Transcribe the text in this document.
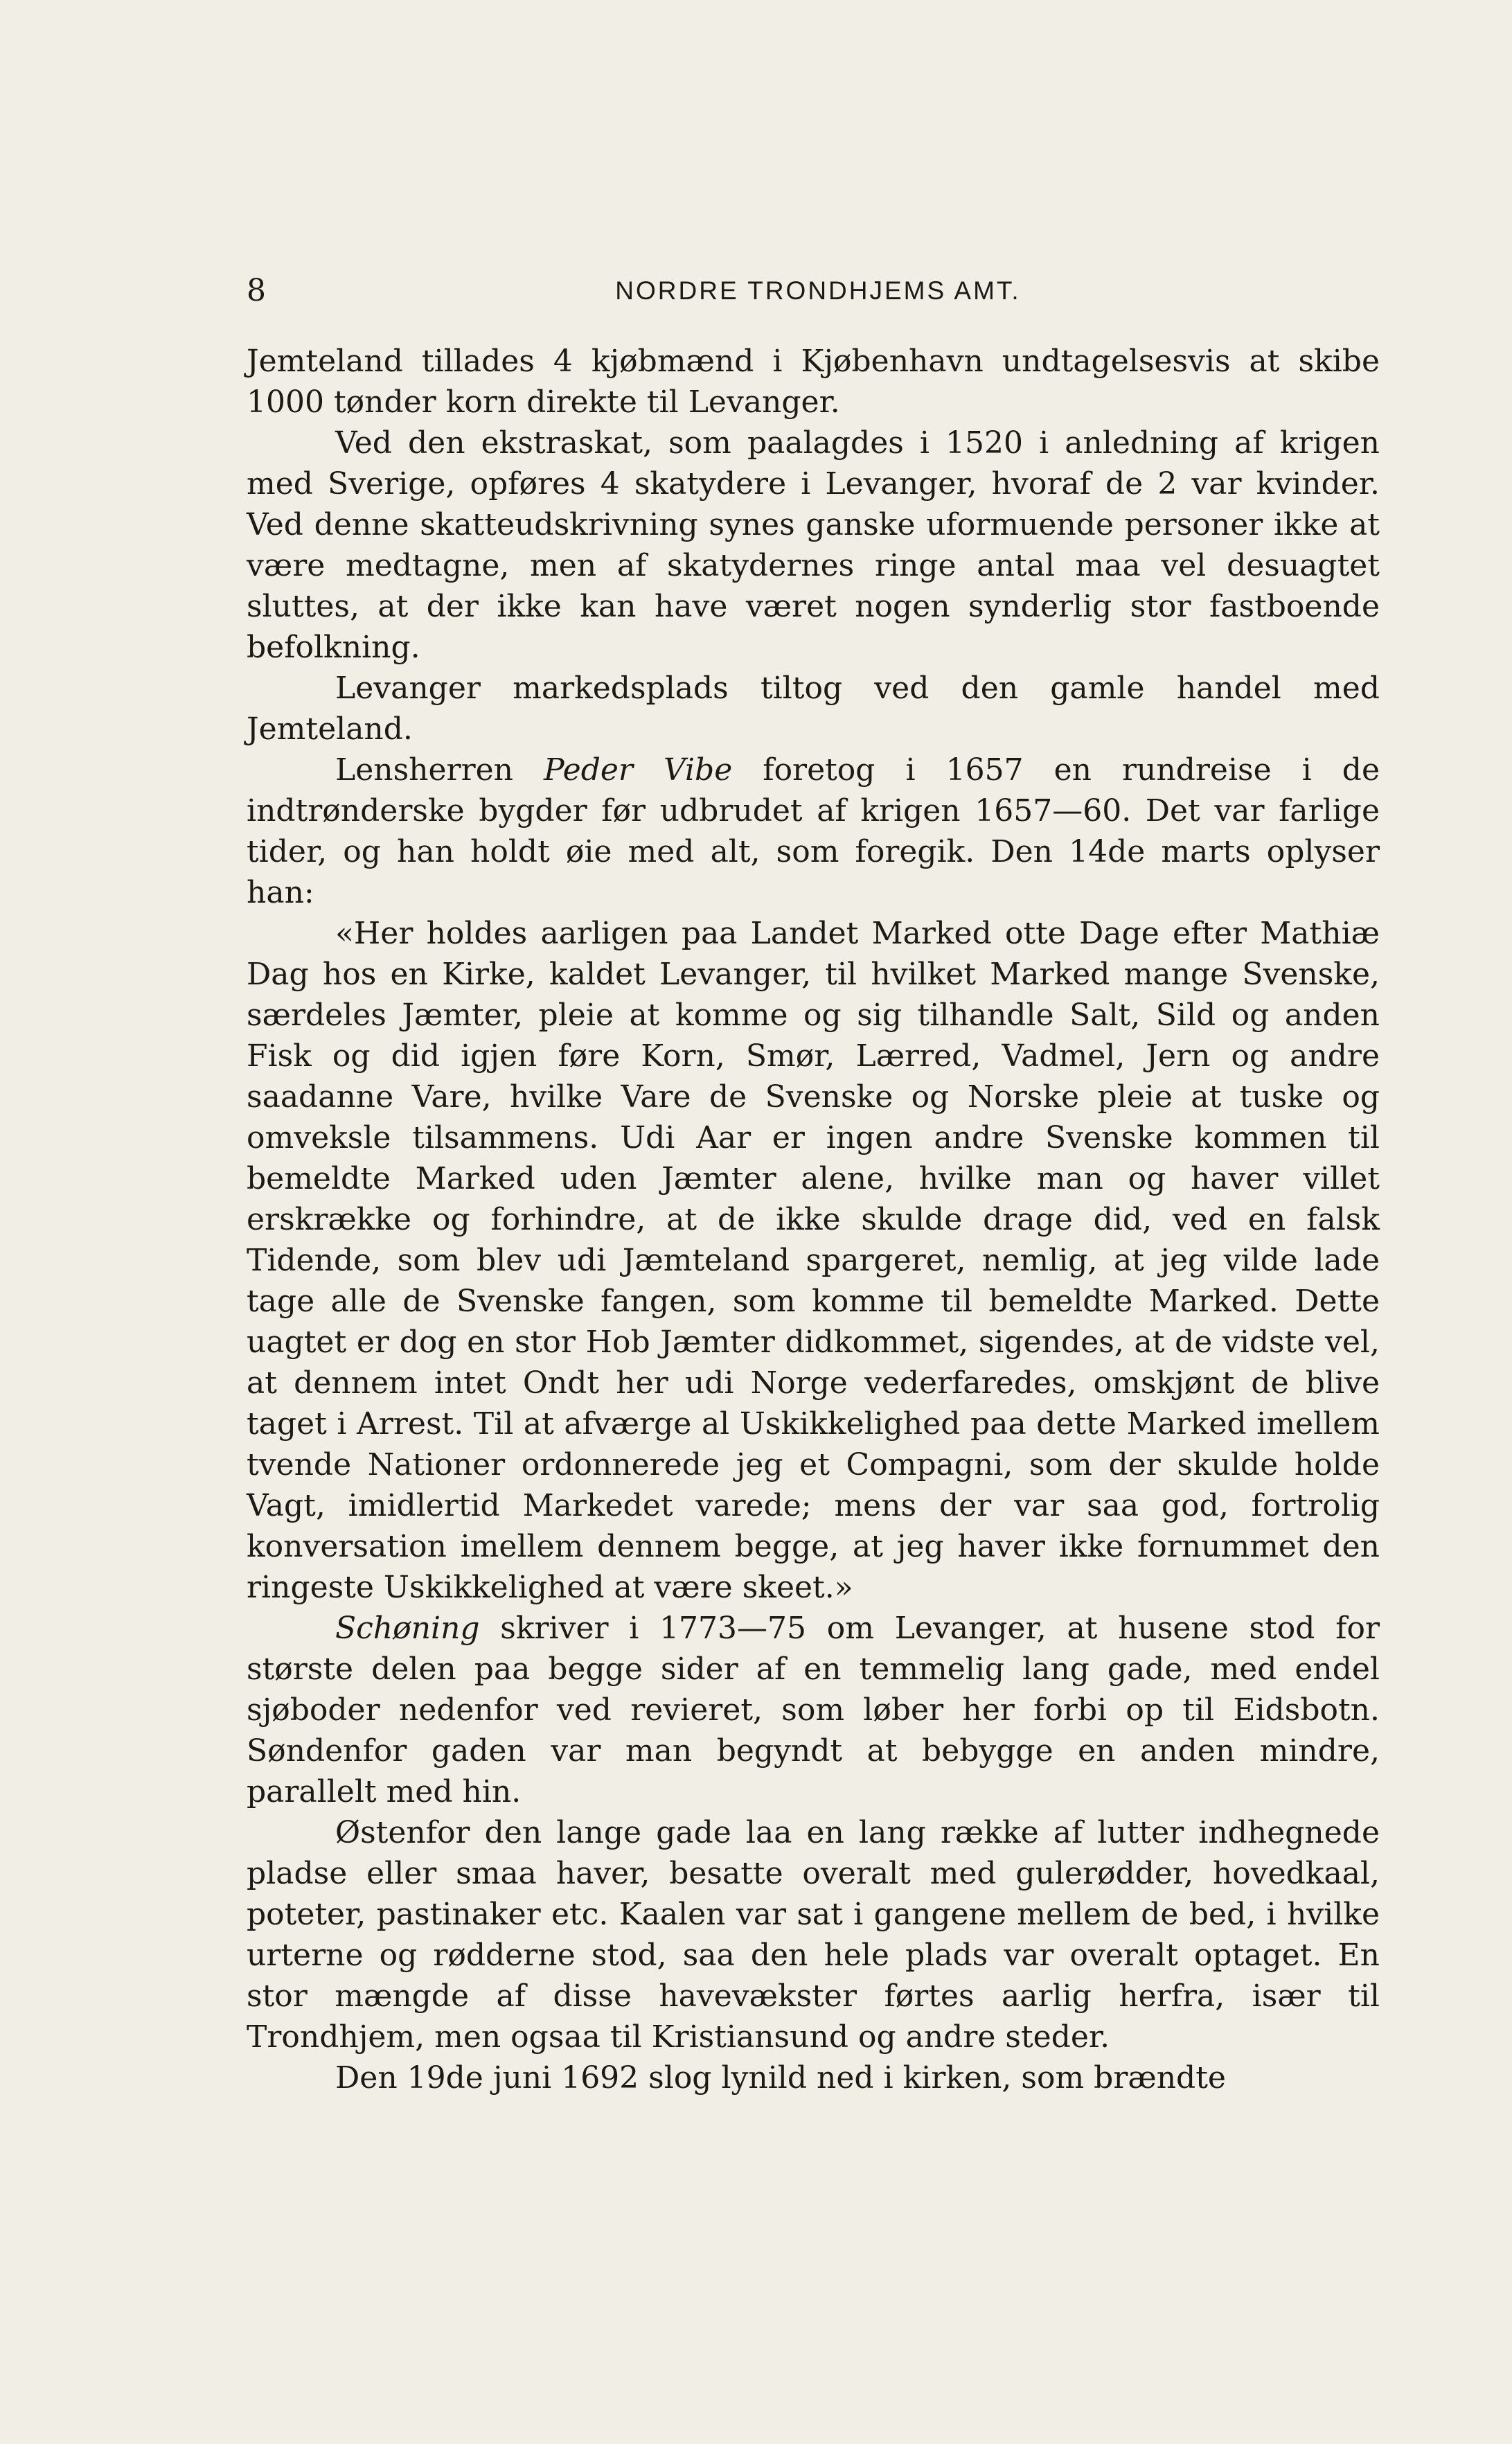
8	NORDRE TRONDHJEMS AMT.

Jemteland tillades 4 kjøbmænd i Kjøbenhavn undtagelsesvis at skibe 1000 tønder korn direkte til Levanger.

Ved den ekstraskat, som paalagdes i 1520 i anledning af krigen med Sverige, opføres 4 skatydere i Levanger, hvoraf de 2 var kvinder. Ved denne skatteudskrivning synes ganske uformuende personer ikke at være medtagne, men af skatydernes ringe antal maa vel desuagtet sluttes, at der ikke kan have været nogen synderlig stor fastboende befolkning.

Levanger markedsplads tiltog ved den gamle handel med Jemteland.

Lensherren Peder Vibe foretog i 1657 en rundreise i de indtrønderske bygder før udbrudet af krigen 1657—60. Det var farlige tider, og han holdt øie med alt, som foregik. Den 14de marts oplyser han:

«Her holdes aarligen paa Landet Marked otte Dage efter Mathiæ Dag hos en Kirke, kaldet Levanger, til hvilket Marked mange Svenske, særdeles Jæmter, pleie at komme og sig tilhandle Salt, Sild og anden Fisk og did igjen føre Korn, Smør, Lærred, Vadmel, Jern og andre saadanne Vare, hvilke Vare de Svenske og Norske pleie at tuske og omveksle tilsammens. Udi Aar er ingen andre Svenske kommen til bemeldte Marked uden Jæmter alene, hvilke man og haver villet erskrække og forhindre, at de ikke skulde drage did, ved en falsk Tidende, som blev udi Jæmteland spargeret, nemlig, at jeg vilde lade tage alle de Svenske fangen, som komme til bemeldte Marked. Dette uagtet er dog en stor Hob Jæmter didkommet, sigendes, at de vidste vel, at dennem intet Ondt her udi Norge vederfaredes, omskjønt de blive taget i Arrest. Til at afværge al Uskikkelighed paa dette Marked imellem tvende Nationer ordonnerede jeg et Compagni, som der skulde holde Vagt, imidlertid Markedet varede; mens der var saa god, fortrolig konversation imellem dennem begge, at jeg haver ikke fornummet den ringeste Uskikkelighed at være skeet.»

Schøning skriver i 1773—75 om Levanger, at husene stod for største delen paa begge sider af en temmelig lang gade, med endel sjøboder nedenfor ved revieret, som løber her forbi op til Eidsbotn. Søndenfor gaden var man begyndt at bebygge en anden mindre, parallelt med hin.

Østenfor den lange gade laa en lang række af lutter indhegnede pladse eller smaa haver, besatte overalt med gulerødder, hovedkaal, poteter, pastinaker etc. Kaalen var sat i gangene mellem de bed, i hvilke urterne og rødderne stod, saa den hele plads var overalt optaget. En stor mængde af disse havevækster førtes aarlig herfra, især til Trondhjem, men ogsaa til Kristiansund og andre steder.

Den 19de juni 1692 slog lynild ned i kirken, som brændte
